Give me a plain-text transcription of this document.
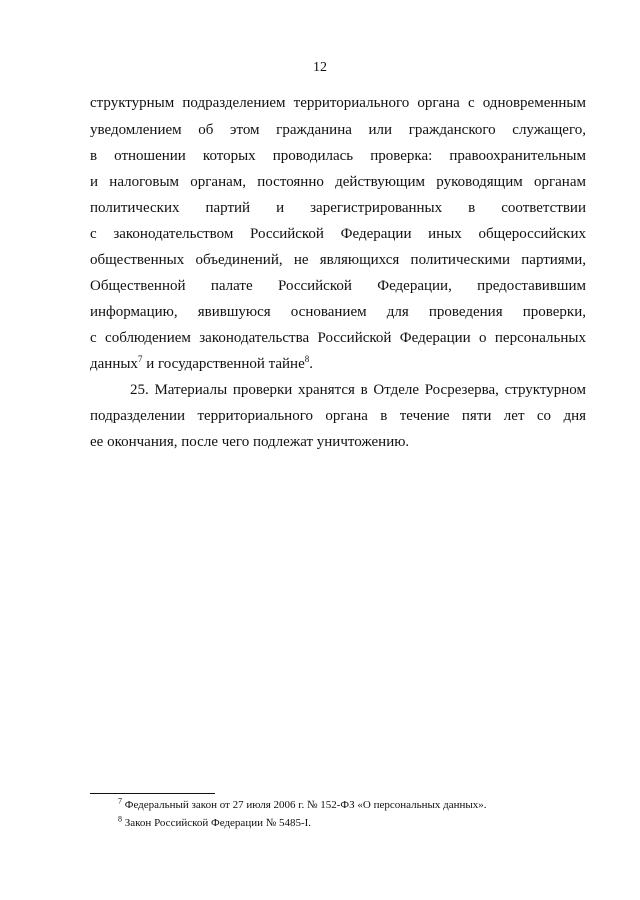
12
структурным подразделением территориального органа с одновременным
уведомлением об этом гражданина или гражданского служащего,
в отношении которых проводилась проверка: правоохранительным
и налоговым органам, постоянно действующим руководящим органам
политических партий и зарегистрированных в соответствии
с законодательством Российской Федерации иных общероссийских
общественных объединений, не являющихся политическими партиями,
Общественной палате Российской Федерации, предоставившим
информацию, явившуюся основанием для проведения проверки,
с соблюдением законодательства Российской Федерации о персональных
данных$^7$ и государственной тайне$^8$.
25. Материалы проверки хранятся в Отделе Росрезерва, структурном
подразделении территориального органа в течение пяти лет со дня
ее окончания, после чего подлежат уничтожению.
$^7$ Федеральный закон от 27 июля 2006 г. № 152-ФЗ «О персональных данных».
$^8$ Закон Российской Федерации № 5485-I.
